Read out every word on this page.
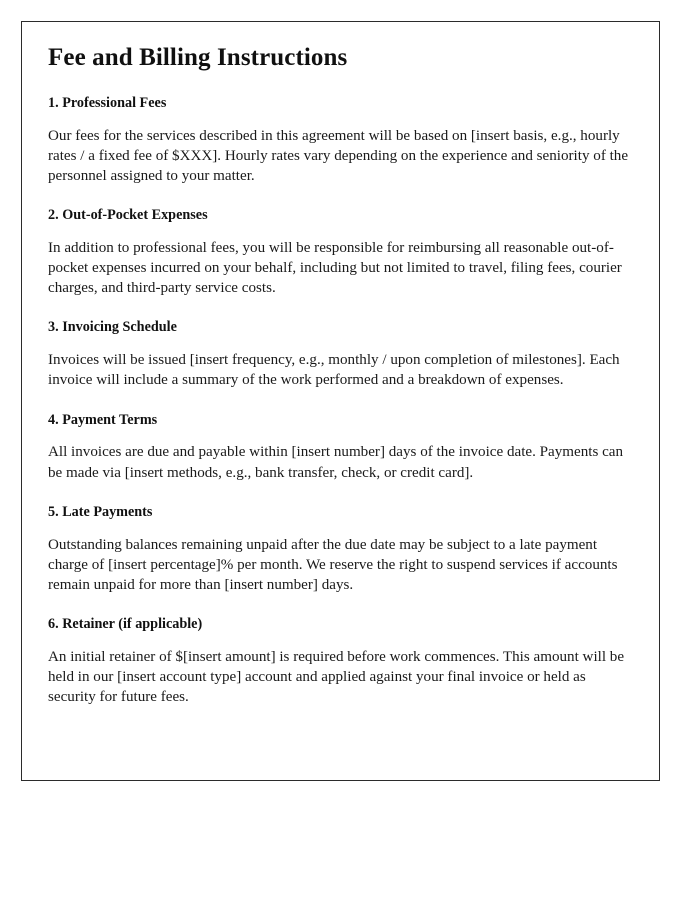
Fee and Billing Instructions
1. Professional Fees

Our fees for the services described in this agreement will be based on [insert basis, e.g., hourly rates / a fixed fee of $XXX]. Hourly rates vary depending on the experience and seniority of the personnel assigned to your matter.

2. Out-of-Pocket Expenses

In addition to professional fees, you will be responsible for reimbursing all reasonable out-of-pocket expenses incurred on your behalf, including but not limited to travel, filing fees, courier charges, and third-party service costs.

3. Invoicing Schedule

Invoices will be issued [insert frequency, e.g., monthly / upon completion of milestones]. Each invoice will include a summary of the work performed and a breakdown of expenses.

4. Payment Terms

All invoices are due and payable within [insert number] days of the invoice date. Payments can be made via [insert methods, e.g., bank transfer, check, or credit card].

5. Late Payments

Outstanding balances remaining unpaid after the due date may be subject to a late payment charge of [insert percentage]% per month. We reserve the right to suspend services if accounts remain unpaid for more than [insert number] days.

6. Retainer (if applicable)

An initial retainer of $[insert amount] is required before work commences. This amount will be held in our [insert account type] account and applied against your final invoice or held as security for future fees.
